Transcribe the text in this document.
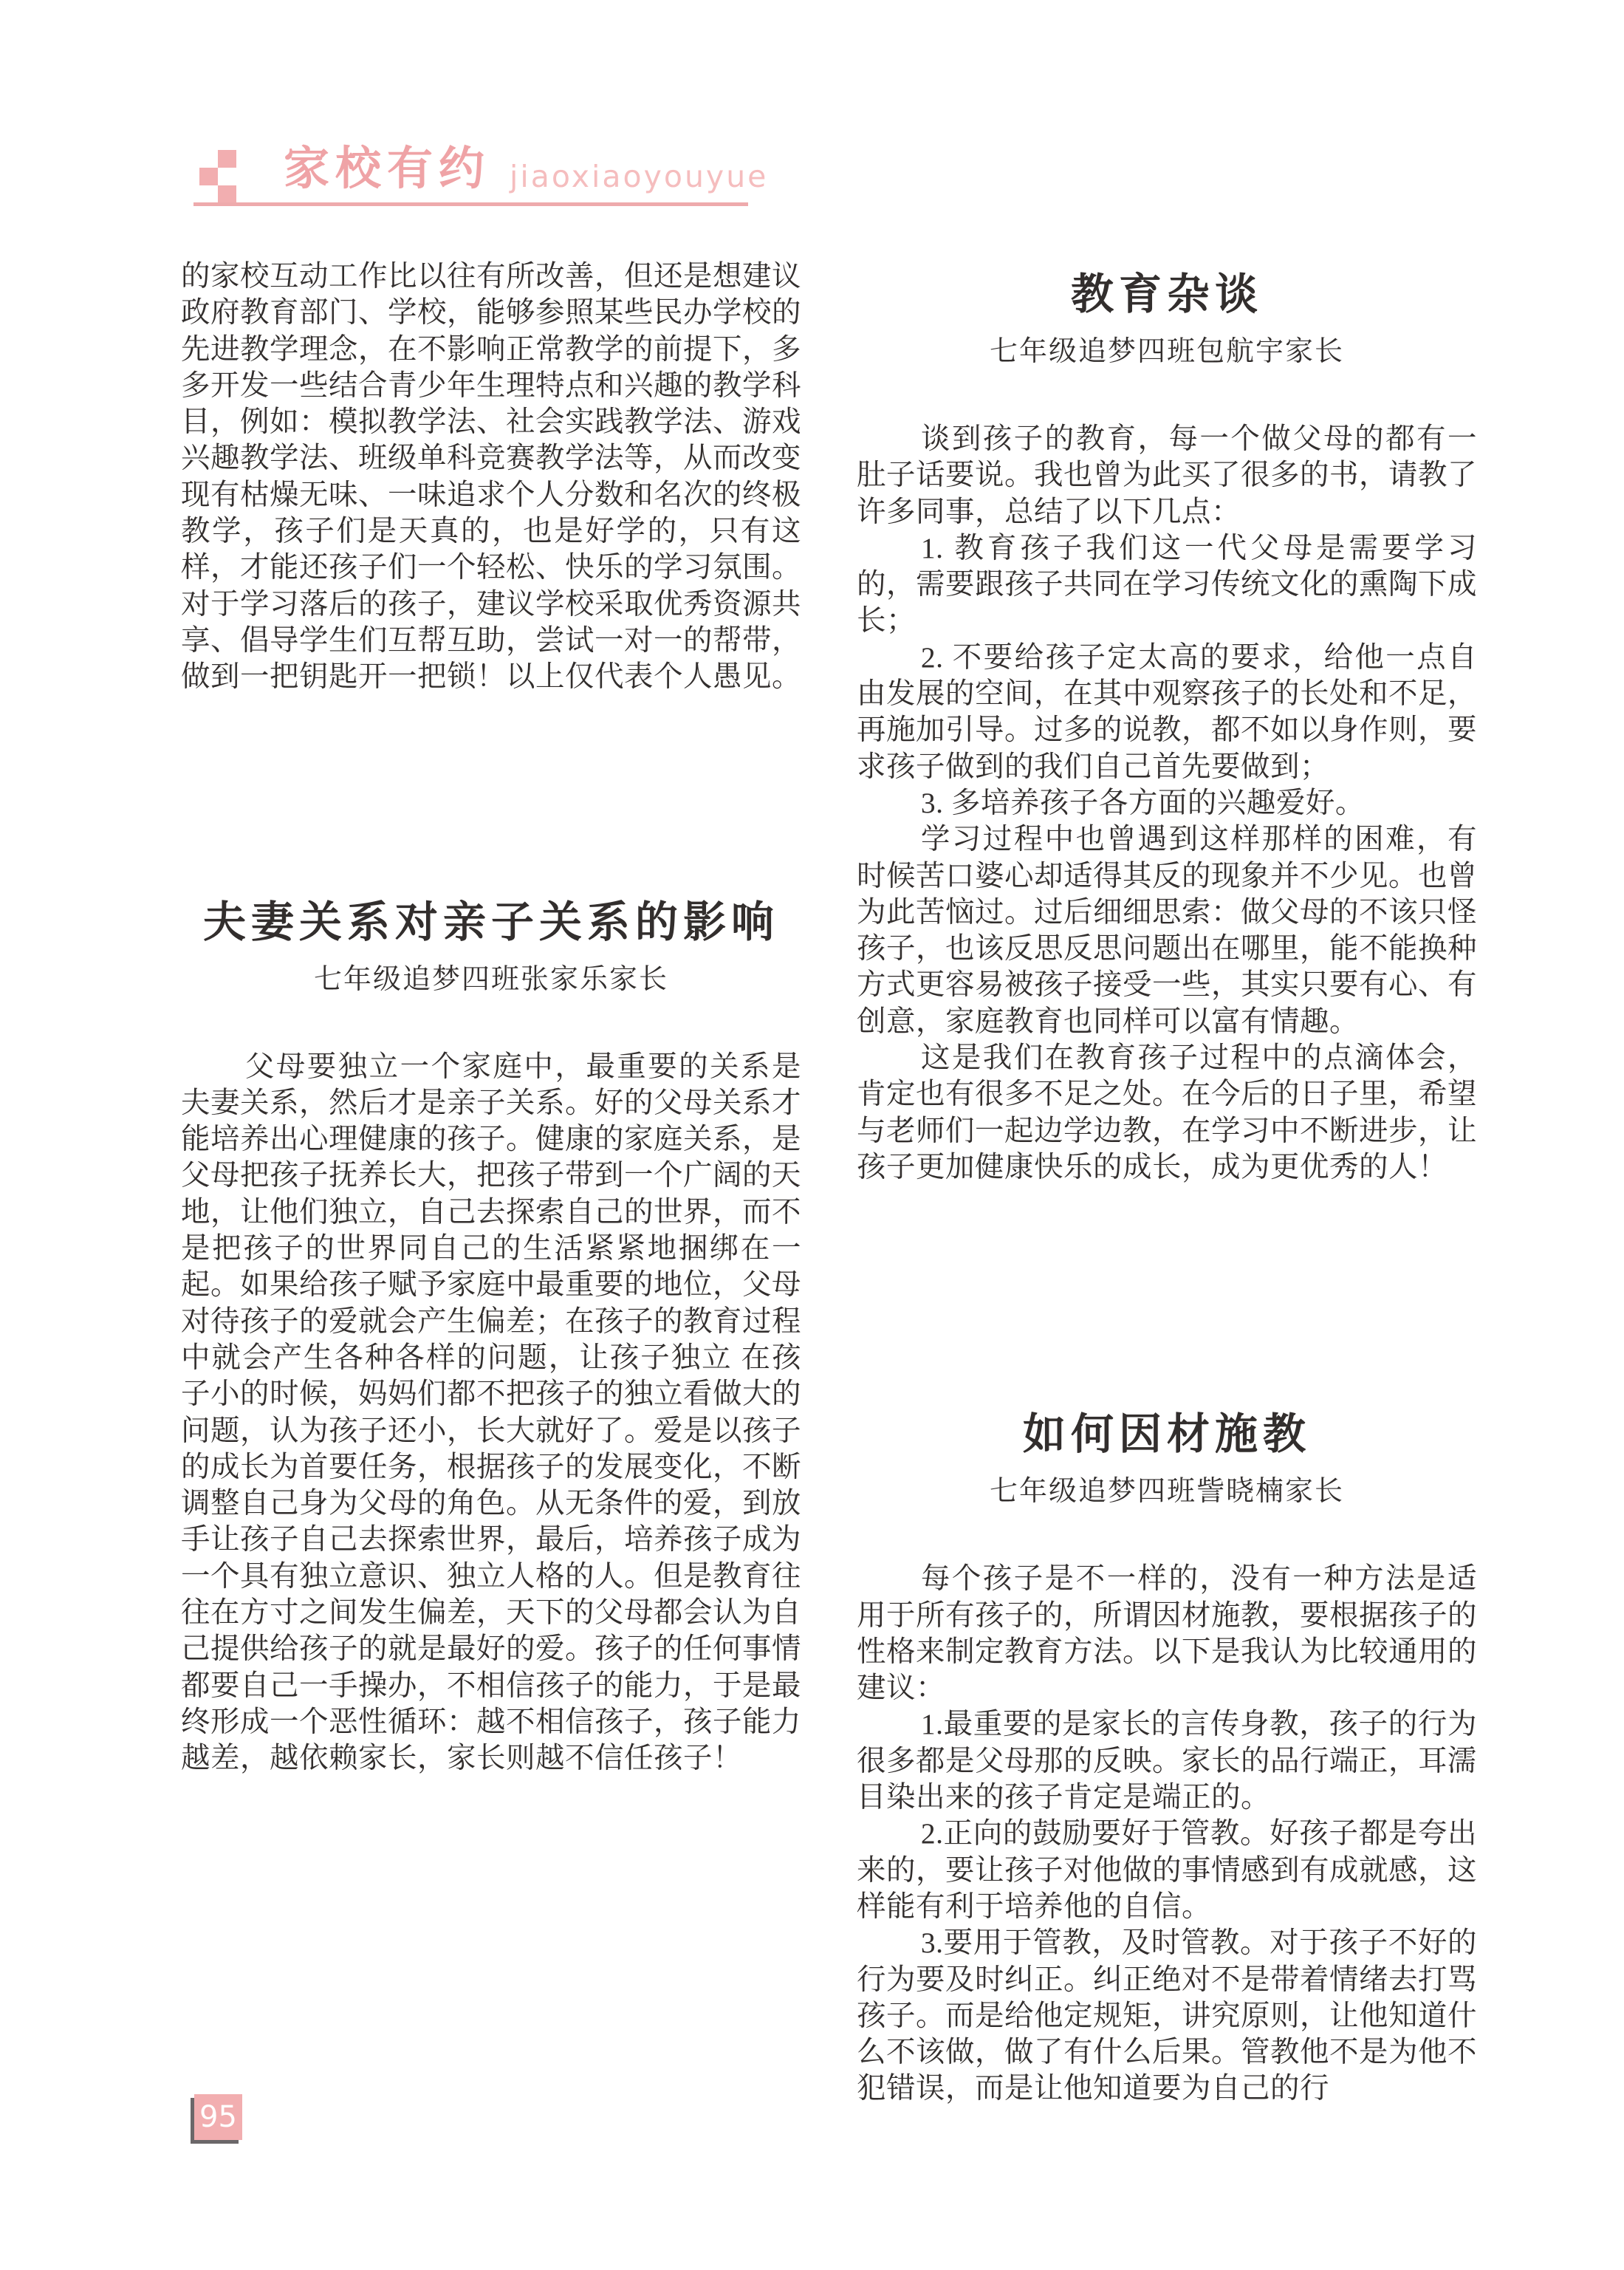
家校有约 jiaoxiaoyouyue

的家校互动工作比以往有所改善，但还是想建议政府教育部门、学校，能够参照某些民办学校的先进教学理念，在不影响正常教学的前提下，多多开发一些结合青少年生理特点和兴趣的教学科目，例如：模拟教学法、社会实践教学法、游戏兴趣教学法、班级单科竞赛教学法等，从而改变现有枯燥无味、一味追求个人分数和名次的终极教学，孩子们是天真的，也是好学的，只有这样，才能还孩子们一个轻松、快乐的学习氛围。对于学习落后的孩子，建议学校采取优秀资源共享、倡导学生们互帮互助，尝试一对一的帮带，做到一把钥匙开一把锁！以上仅代表个人愚见。

夫妻关系对亲子关系的影响
七年级追梦四班张家乐家长

父母要独立一个家庭中，最重要的关系是夫妻关系，然后才是亲子关系。好的父母关系才能培养出心理健康的孩子。健康的家庭关系，是父母把孩子抚养长大，把孩子带到一个广阔的天地，让他们独立，自己去探索自己的世界，而不是把孩子的世界同自己的生活紧紧地捆绑在一起。如果给孩子赋予家庭中最重要的地位，父母对待孩子的爱就会产生偏差；在孩子的教育过程中就会产生各种各样的问题，让孩子独立 在孩子小的时候，妈妈们都不把孩子的独立看做大的问题，认为孩子还小，长大就好了。爱是以孩子的成长为首要任务，根据孩子的发展变化，不断调整自己身为父母的角色。从无条件的爱，到放手让孩子自己去探索世界，最后，培养孩子成为一个具有独立意识、独立人格的人。但是教育往往在方寸之间发生偏差，天下的父母都会认为自己提供给孩子的就是最好的爱。孩子的任何事情都要自己一手操办，不相信孩子的能力，于是最终形成一个恶性循环：越不相信孩子，孩子能力越差，越依赖家长，家长则越不信任孩子！

教育杂谈
七年级追梦四班包航宇家长

谈到孩子的教育，每一个做父母的都有一肚子话要说。我也曾为此买了很多的书，请教了许多同事，总结了以下几点：

1. 教育孩子我们这一代父母是需要学习的，需要跟孩子共同在学习传统文化的熏陶下成长；

2. 不要给孩子定太高的要求，给他一点自由发展的空间，在其中观察孩子的长处和不足，再施加引导。过多的说教，都不如以身作则，要求孩子做到的我们自己首先要做到；

3. 多培养孩子各方面的兴趣爱好。

学习过程中也曾遇到这样那样的困难，有时候苦口婆心却适得其反的现象并不少见。也曾为此苦恼过。过后细细思索：做父母的不该只怪孩子，也该反思反思问题出在哪里，能不能换种方式更容易被孩子接受一些，其实只要有心、有创意，家庭教育也同样可以富有情趣。

这是我们在教育孩子过程中的点滴体会，肯定也有很多不足之处。在今后的日子里，希望与老师们一起边学边教，在学习中不断进步，让孩子更加健康快乐的成长，成为更优秀的人！

如何因材施教
七年级追梦四班訾晓楠家长

每个孩子是不一样的，没有一种方法是适用于所有孩子的，所谓因材施教，要根据孩子的性格来制定教育方法。以下是我认为比较通用的建议：

1.最重要的是家长的言传身教，孩子的行为很多都是父母那的反映。家长的品行端正，耳濡目染出来的孩子肯定是端正的。

2.正向的鼓励要好于管教。好孩子都是夸出来的，要让孩子对他做的事情感到有成就感，这样能有利于培养他的自信。

3.要用于管教，及时管教。对于孩子不好的行为要及时纠正。纠正绝对不是带着情绪去打骂孩子。而是给他定规矩，讲究原则，让他知道什么不该做，做了有什么后果。管教他不是为他不犯错误，而是让他知道要为自己的行

95
